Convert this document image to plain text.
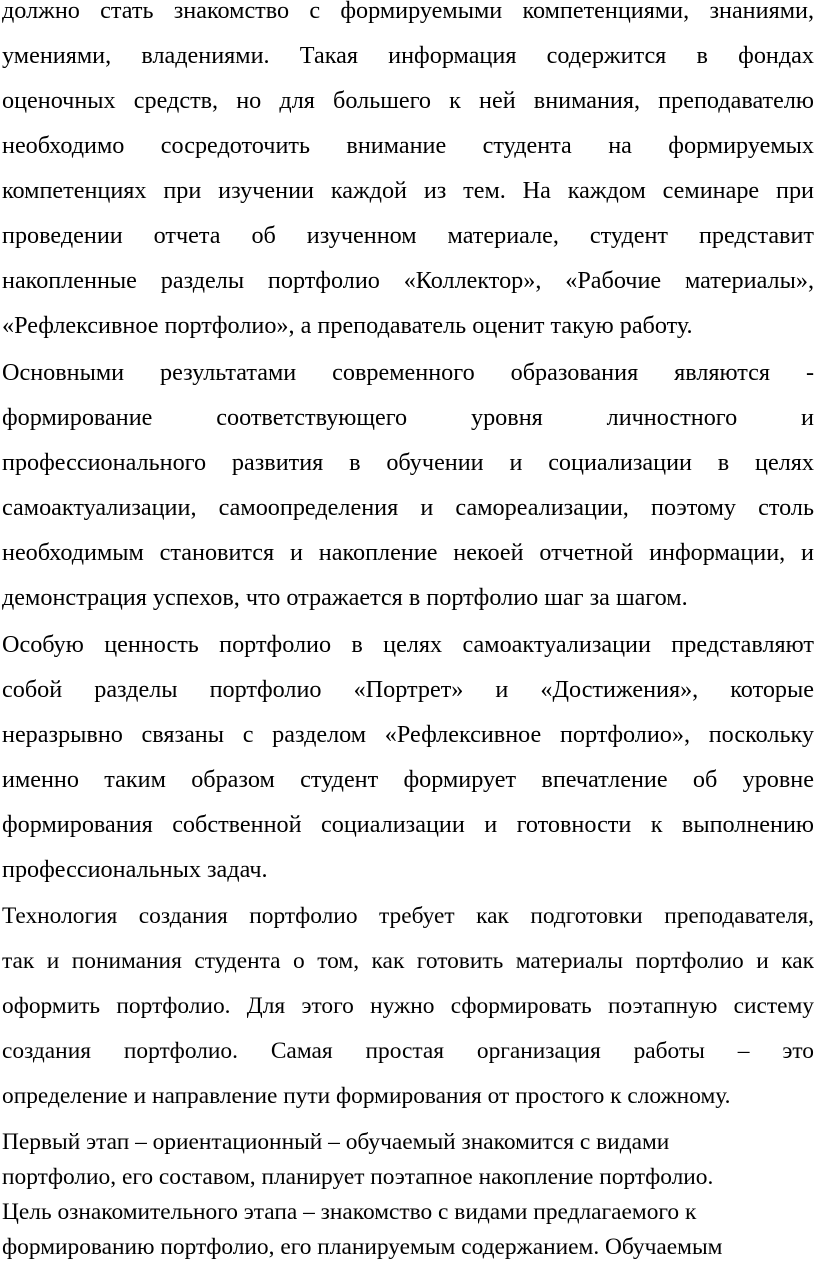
должно стать знакомство с формируемыми компетенциями, знаниями,
умениями, владениями. Такая информация содержится в фондах
оценочных средств, но для большего к ней внимания, преподавателю
необходимо сосредоточить внимание студента на формируемых
компетенциях при изучении каждой из тем. На каждом семинаре при
проведении отчета об изученном материале, студент представит
накопленные разделы портфолио «Коллектор», «Рабочие материалы»,
«Рефлексивное портфолио», а преподаватель оценит такую работу.
Основными результатами современного образования являются -
формирование соответствующего уровня личностного и
профессионального развития в обучении и социализации в целях
самоактуализации, самоопределения и самореализации, поэтому столь
необходимым становится и накопление некоей отчетной информации, и
демонстрация успехов, что отражается в портфолио шаг за шагом.
Особую ценность портфолио в целях самоактуализации представляют
собой разделы портфолио «Портрет» и «Достижения», которые
неразрывно связаны с разделом «Рефлексивное портфолио», поскольку
именно таким образом студент формирует впечатление об уровне
формирования собственной социализации и готовности к выполнению
профессиональных задач.
Технология создания портфолио требует как подготовки преподавателя,
так и понимания студента о том, как готовить материалы портфолио и как
оформить портфолио. Для этого нужно сформировать поэтапную систему
создания портфолио. Самая простая организация работы – это
определение и направление пути формирования от простого к сложному.
Первый этап – ориентационный – обучаемый знакомится с видами
портфолио, его составом, планирует поэтапное накопление портфолио.
Цель ознакомительного этапа – знакомство с видами предлагаемого к
формированию портфолио, его планируемым содержанием. Обучаемым
